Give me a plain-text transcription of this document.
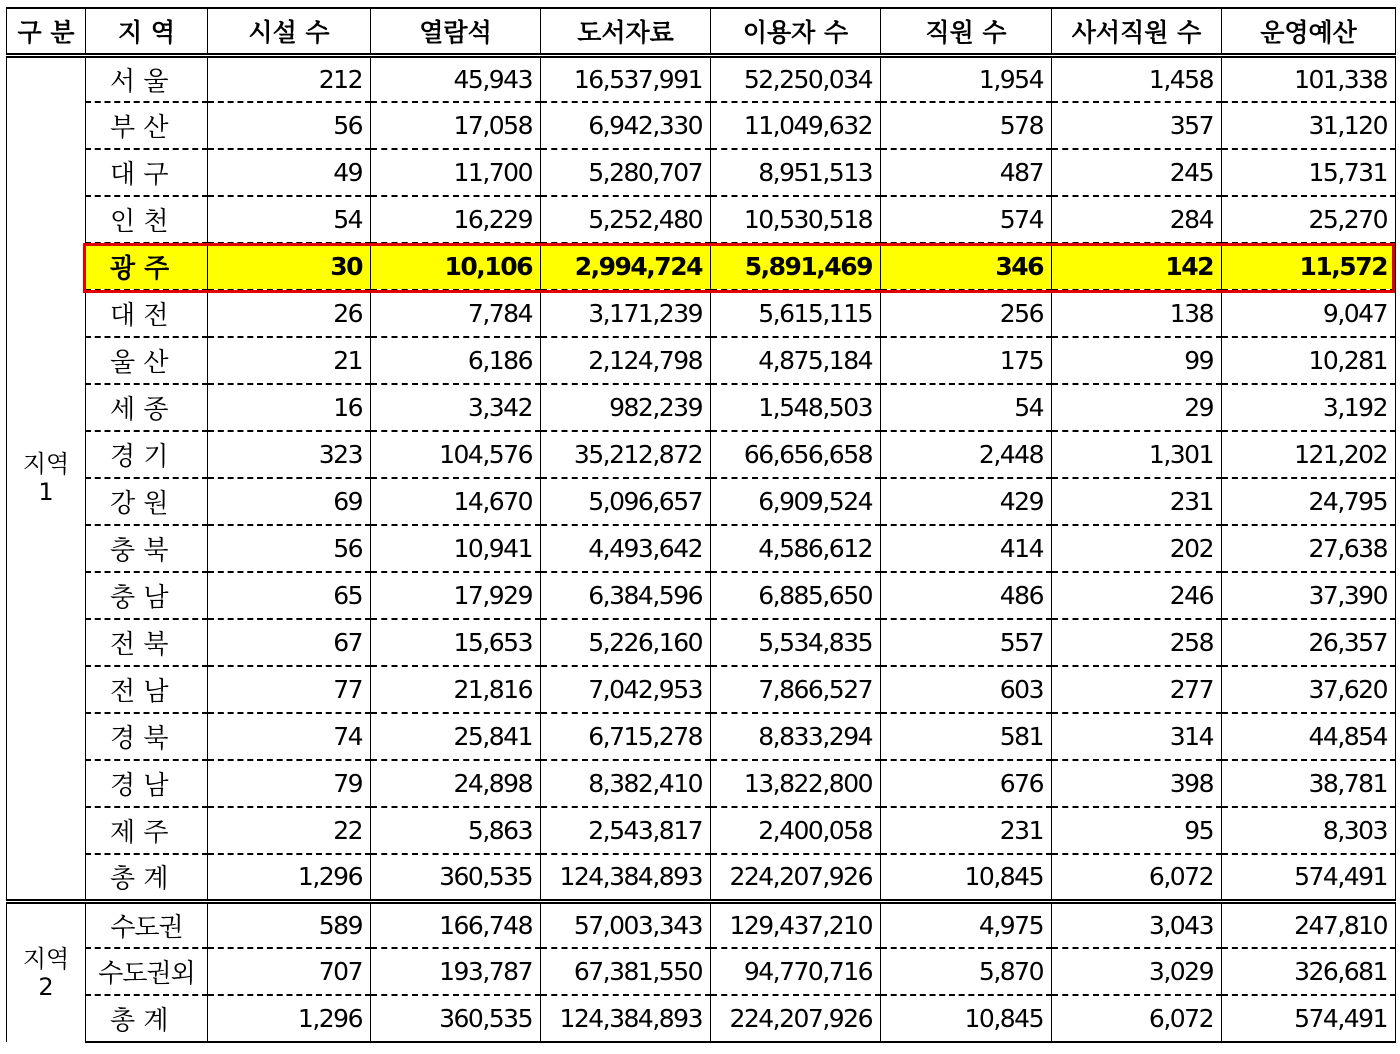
구 분	지 역	시설 수	열람석	도서자료	이용자 수	직원 수	사서직원 수	운영예산

지역
1	서 울	212	45,943	16,537,991	52,250,034	1,954	1,458	101,338
	부 산	56	17,058	6,942,330	11,049,632	578	357	31,120
	대 구	49	11,700	5,280,707	8,951,513	487	245	15,731
	인 천	54	16,229	5,252,480	10,530,518	574	284	25,270
	광 주	30	10,106	2,994,724	5,891,469	346	142	11,572
	대 전	26	7,784	3,171,239	5,615,115	256	138	9,047
	울 산	21	6,186	2,124,798	4,875,184	175	99	10,281
	세 종	16	3,342	982,239	1,548,503	54	29	3,192
	경 기	323	104,576	35,212,872	66,656,658	2,448	1,301	121,202
	강 원	69	14,670	5,096,657	6,909,524	429	231	24,795
	충 북	56	10,941	4,493,642	4,586,612	414	202	27,638
	충 남	65	17,929	6,384,596	6,885,650	486	246	37,390
	전 북	67	15,653	5,226,160	5,534,835	557	258	26,357
	전 남	77	21,816	7,042,953	7,866,527	603	277	37,620
	경 북	74	25,841	6,715,278	8,833,294	581	314	44,854
	경 남	79	24,898	8,382,410	13,822,800	676	398	38,781
	제 주	22	5,863	2,543,817	2,400,058	231	95	8,303
	총 계	1,296	360,535	124,384,893	224,207,926	10,845	6,072	574,491

지역
2	수도권	589	166,748	57,003,343	129,437,210	4,975	3,043	247,810
	수도권외	707	193,787	67,381,550	94,770,716	5,870	3,029	326,681
	총 계	1,296	360,535	124,384,893	224,207,926	10,845	6,072	574,491
